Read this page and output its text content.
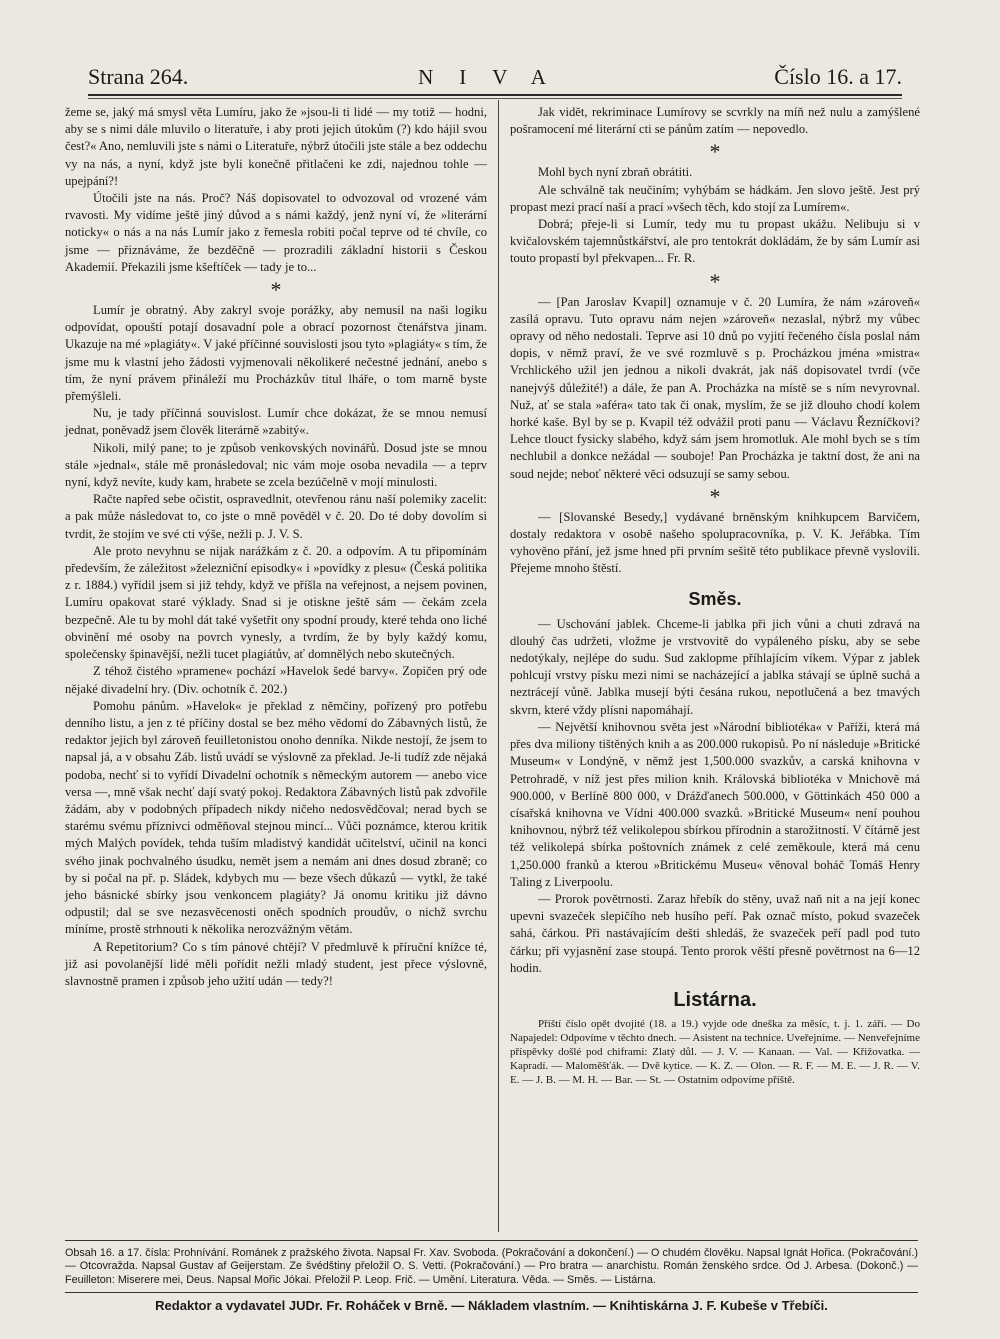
Strana 264.	NIVA	Číslo 16. a 17.

žeme se, jaký má smysl věta Lumíru, jako že »jsou-li ti lidé — my totiž — hodni, aby se s nimi dále mluvilo o literatuře, i aby proti jejich útokům (?) kdo hájil svou čest?« Ano, nemluvili jste s námi o Literatuře, nýbrž útočili jste stále a bez oddechu vy na nás, a nyní, když jste byli konečně přitlačeni ke zdi, najednou tohle — upejpání?!

Útočili jste na nás. Proč? Náš dopisovatel to odvozoval od vrozené vám rvavosti. My vidíme ještě jiný důvod a s námi každý, jenž nyní ví, že »literární noticky« o nás a na nás Lumír jako z řemesla robiti počal teprve od té chvíle, co jsme — přiznáváme, že bezděčně — prozradili základní historii s Českou Akademií. Překazili jsme kšeftíček — tady je to...

*

Lumír je obratný. Aby zakryl svoje porážky, aby nemusil na naši logiku odpovídat, opouští potají dosavadní pole a obrací pozornost čtenářstva jinam. Ukazuje na mé »plagiáty«. V jaké příčinné souvislosti jsou tyto »plagiáty« s tím, že jsme mu k vlastní jeho žádosti vyjmenovali několikeré nečestné jednání, anebo s tím, že nyní právem přináleží mu Procházkův titul lháře, o tom marně byste přemýšleli.

Nu, je tady příčinná souvislost. Lumír chce dokázat, že se mnou nemusí jednat, poněvadž jsem člověk literárně »zabitý«.

Nikoli, milý pane; to je způsob venkovských novinářů. Dosud jste se mnou stále »jednal«, stále mě pronásledoval; nic vám moje osoba nevadila — a teprv nyní, když nevíte, kudy kam, hrabete se zcela bezúčelně v mojí minulosti.

Račte napřed sebe očistit, ospravedlnit, otevřenou ránu naší polemiky zacelit: a pak může následovat to, co jste o mně pověděl v č. 20. Do té doby dovolím si tvrdit, že stojím ve své cti výše, nežli p. J. V. S.

Ale proto nevyhnu se nijak narážkám z č. 20. a odpovím. A tu připomínám především, že záležitost »železniční episodky« i »povídky z plesu« (Česká politika z r. 1884.) vyřídil jsem si již tehdy, když ve příšla na veřejnost, a nejsem povinen, Lumíru opakovat staré výklady. Snad si je otiskne ještě sám — čekám zcela bezpečně. Ale tu by mohl dát také vyšetřit ony spodní proudy, které tehda ono liché obvinění mé osoby na povrch vynesly, a tvrdím, že by byly každý komu, společensky špinavější, nežli tucet plagiátův, ať domnělých nebo skutečných.

Z téhož čistého »pramene« pochází »Havelok šedé barvy«. Zopičen prý ode nějaké divadelní hry. (Div. ochotník č. 202.)

Pomohu pánům. »Havelok« je překlad z němčiny, pořízený pro potřebu denního listu, a jen z té příčiny dostal se bez mého vědomí do Zábavných listů, že redaktor jejich byl zároveň feuilletonistou onoho denníka. Nikde nestojí, že jsem to napsal já, a v obsahu Záb. listů uvádí se výslovně za překlad. Je-li tudíž zde nějaká podoba, nechť si to vyřídí Divadelní ochotník s německým autorem — anebo vice versa —, mně však nechť dají svatý pokoj. Redaktora Zábavných listů pak zdvořile žádám, aby v podobných případech nikdy ničeho nedosvědčoval; nerad bych se starému svému příznivci odměňoval stejnou mincí... Vůči poznámce, kterou kritik mých Malých povídek, tehda tuším mladistvý kandidát učitelství, učinil na konci svého jinak pochvalného úsudku, nemět jsem a nemám ani dnes dosud zbraně; co by si počal na př. p. Sládek, kdybych mu — beze všech důkazů — vytkl, že také jeho básnické sbírky jsou venkoncem plagiáty? Já onomu kritiku již dávno odpustil; dal se sve nezasvěcenosti oněch spodních proudův, o nichž svrchu míníme, prostě strhnouti k několika nerozvážným větám.

A Repetitorium? Co s tím pánové chtějí? V předmluvě k příruční knížce té, již asi povolanější lidé měli pořídit nežli mladý student, jest přece výslovně, slavnostně pramen i způsob jeho užití udán — tedy?!

Jak vidět, rekriminace Lumírovy se scvrkly na míň než nulu a zamýšlené pošramocení mé literární cti se pánům zatím — nepovedlo.

*

Mohl bych nyní zbraň obrátiti.

Ale schválně tak neučiním; vyhýbám se hádkám. Jen slovo ještě. Jest prý propast mezi prací naší a prací »všech těch, kdo stojí za Lumírem«.

Dobrá; přeje-li si Lumír, tedy mu tu propast ukážu. Nelibuju si v kvičalovském tajemnůstkářství, ale pro tentokrát dokládám, že by sám Lumír asi touto propastí byl překvapen... Fr. R.

*

— [Pan Jaroslav Kvapil] oznamuje v č. 20 Lumíra, že nám »zároveň« zasílá opravu. Tuto opravu nám nejen »zároveň« nezaslal, nýbrž my vůbec opravy od něho nedostali. Teprve asi 10 dnů po vyjití řečeného čísla poslal nám dopis, v němž praví, že ve své rozmluvě s p. Procházkou jména »mistra« Vrchlického užil jen jednou a nikoli dvakrát, jak náš dopisovatel tvrdí (vče nanejvýš důležité!) a dále, že pan A. Procházka na místě se s ním nevyrovnal. Nuž, ať se stala »aféra« tato tak či onak, myslím, že se již dlouho chodí kolem horké kaše. Byl by se p. Kvapil též odvážil proti panu — Václavu Řezníčkovi? Lehce tlouct fysicky slabého, když sám jsem hromotluk. Ale mohl bych se s tím nechlubil a donkce nežádal — souboje! Pan Procházka je taktní dost, že ani na soud nejde; neboť některé věci odsuzují se samy sebou.

*

— [Slovanské Besedy,] vydávané brněnským knihkupcem Barvičem, dostaly redaktora v osobě našeho spolupracovníka, p. V. K. Jeřábka. Tím vyhověno přání, jež jsme hned při prvním sešitě této publikace převně vyslovili. Přejeme mnoho štěstí.

Směs.

— Uschování jablek. Chceme-li jablka při jich vůni a chuti zdravá na dlouhý čas udržeti, vložme je vrstvovitě do vypáleného písku, aby se sebe nedotýkaly, nejlépe do sudu. Sud zaklopme příhlajícím víkem. Výpar z jablek pohlcují vrstvy písku mezi nimi se nacházející a jablka stávají se úplně suchá a neztrácejí vůně. Jablka musejí býti česána rukou, nepotlučená a bez tmavých skvrn, které vždy plísni napomáhají.

— Největší knihovnou světa jest »Národní bibliotéka« v Paříži, která má přes dva miliony tištěných knih a as 200.000 rukopisů. Po ní následuje »Britické Museum« v Londýně, v němž jest 1,500.000 svazkův, a carská knihovna v Petrohradě, v níž jest přes milion knih. Královská bibliotéka v Mnichově má 900.000, v Berlíně 800 000, v Drážďanech 500.000, v Göttinkách 450 000 a císařská knihovna ve Vídni 400.000 svazků. »Britické Museum« není pouhou knihovnou, nýbrž též velikolepou sbírkou přírodnin a starožitností. V čítárně jest též velikolepá sbírka poštovních známek z celé zeměkoule, která má cenu 1,250.000 franků a kterou »Britickému Museu« věnoval boháč Tomáš Henry Taling z Liverpoolu.

— Prorok povětrnosti. Zaraz hřebík do stěny, uvaž naň nit a na její konec upevni svazeček slepičího neb husího peří. Pak označ místo, pokud svazeček sahá, čárkou. Při nastávajícím dešti shledáš, že svazeček peří padl pod tuto čárku; při vyjasnění zase stoupá. Tento prorok věští přesně povětrnost na 6—12 hodin.

Listárna.

Příští číslo opět dvojité (18. a 19.) vyjde ode dneška za měsíc, t. j. 1. září. — Do Napajedel: Odpovíme v těchto dnech. — Asistent na technice. Uveřejníme. — Nenveřejníme příspěvky došlé pod chiframi: Zlatý důl. — J. V. — Kanaan. — Val. — Křižovatka. — Kapradí. — Maloměšťák. — Dvě kytice. — K. Z. — Olon. — R. F. — M. E. — J. R. — V. E. — J. B. — M. H. — Bar. — St. — Ostatním odpovíme příště.

Obsah 16. a 17. čísla: Prohnívání. Románek z pražského života. Napsal Fr. Xav. Svoboda. (Pokračování a dokončení.) — O chudém člověku. Napsal Ignát Hořica. (Pokračování.) — Otcovražda. Napsal Gustav af Geijerstam. Ze švédštiny přeložil O. S. Vetti. (Pokračování.) — Pro bratra — anarchistu. Román ženského srdce. Od J. Arbesa. (Dokonč.) — Feuilleton: Miserere mei, Deus. Napsal Mořic Jókai. Přeložil P. Leop. Frič. — Umění. Literatura. Věda. — Směs. — Listárna.
Redaktor a vydavatel JUDr. Fr. Roháček v Brně. — Nákladem vlastním. — Knihtiskárna J. F. Kubeše v Třebíči.
